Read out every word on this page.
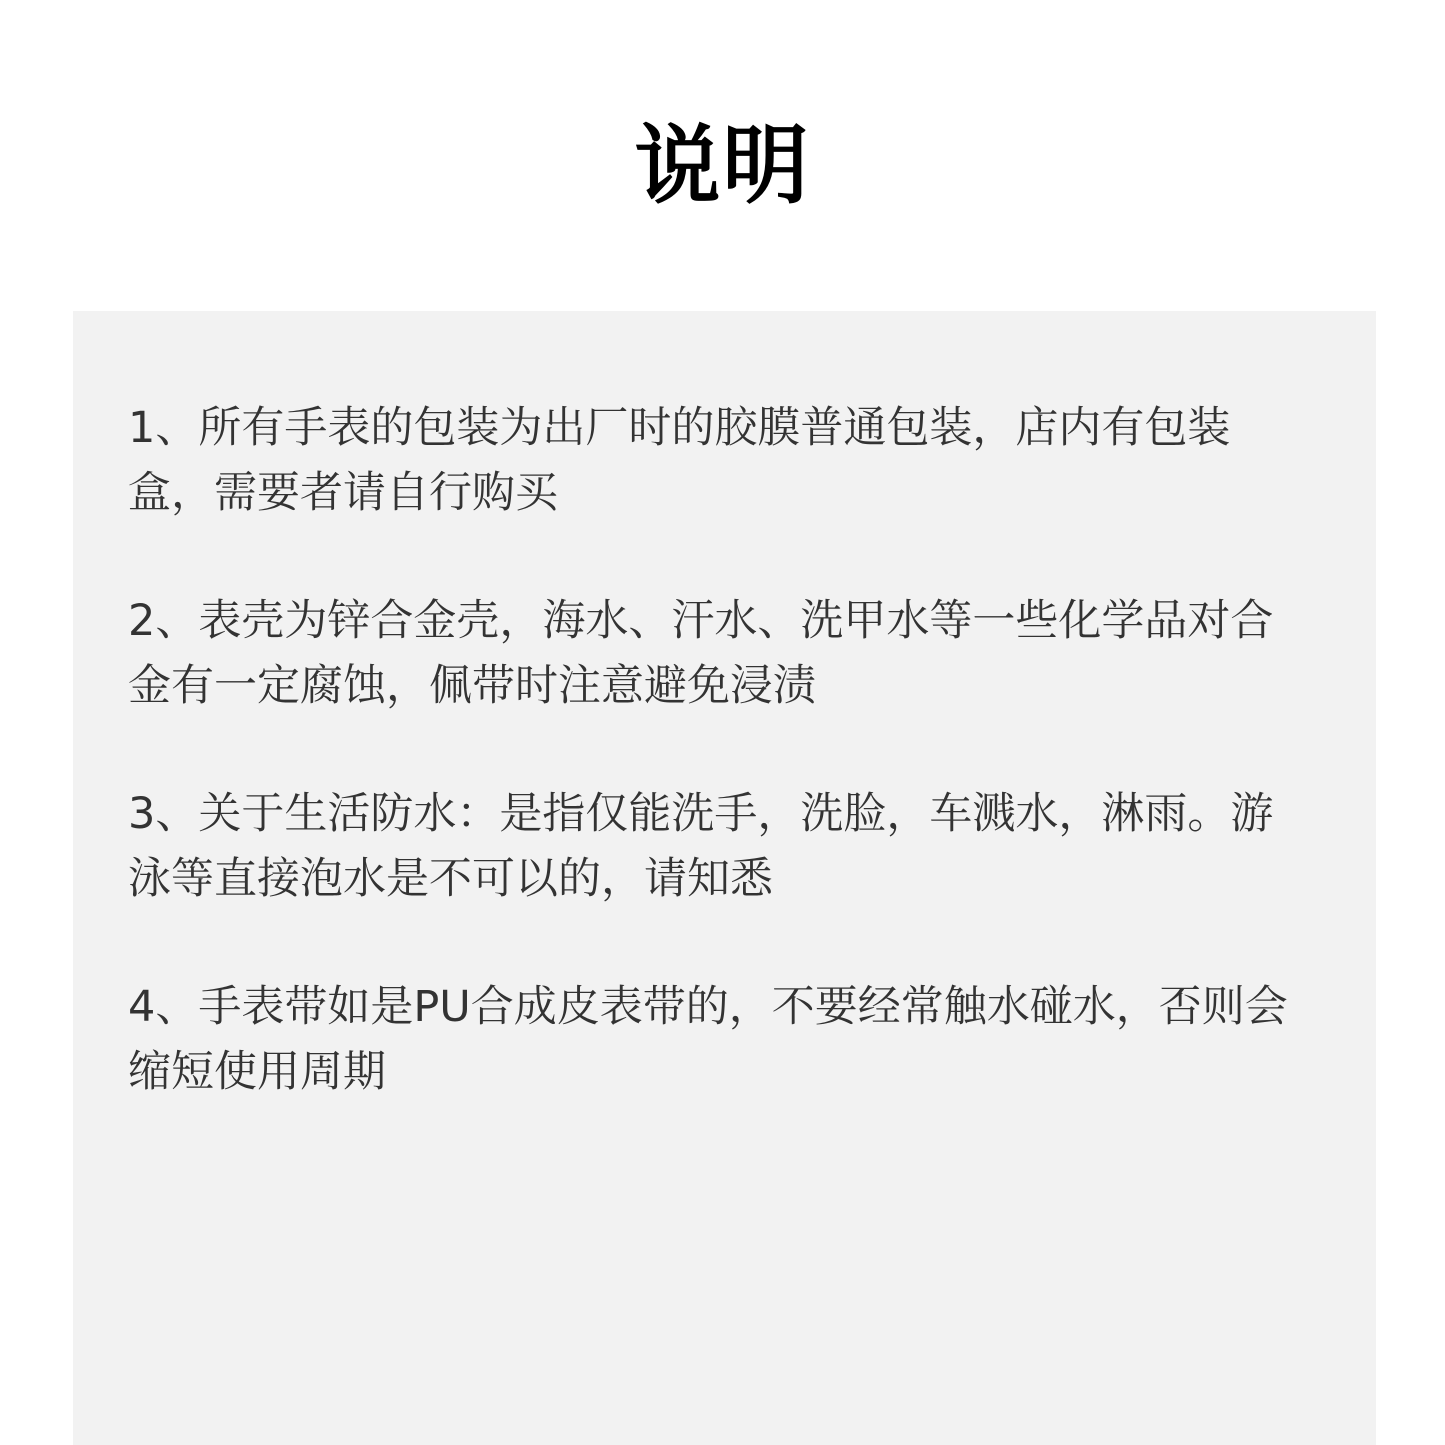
说明
1、所有手表的包装为出厂时的胶膜普通包装，店内有包装盒，需要者请自行购买
2、表壳为锌合金壳，海水、汗水、洗甲水等一些化学品对合金有一定腐蚀，佩带时注意避免浸渍
3、关于生活防水：是指仅能洗手，洗脸，车溅水，淋雨。游泳等直接泡水是不可以的，请知悉
4、手表带如是PU合成皮表带的，不要经常触水碰水，否则会缩短使用周期
